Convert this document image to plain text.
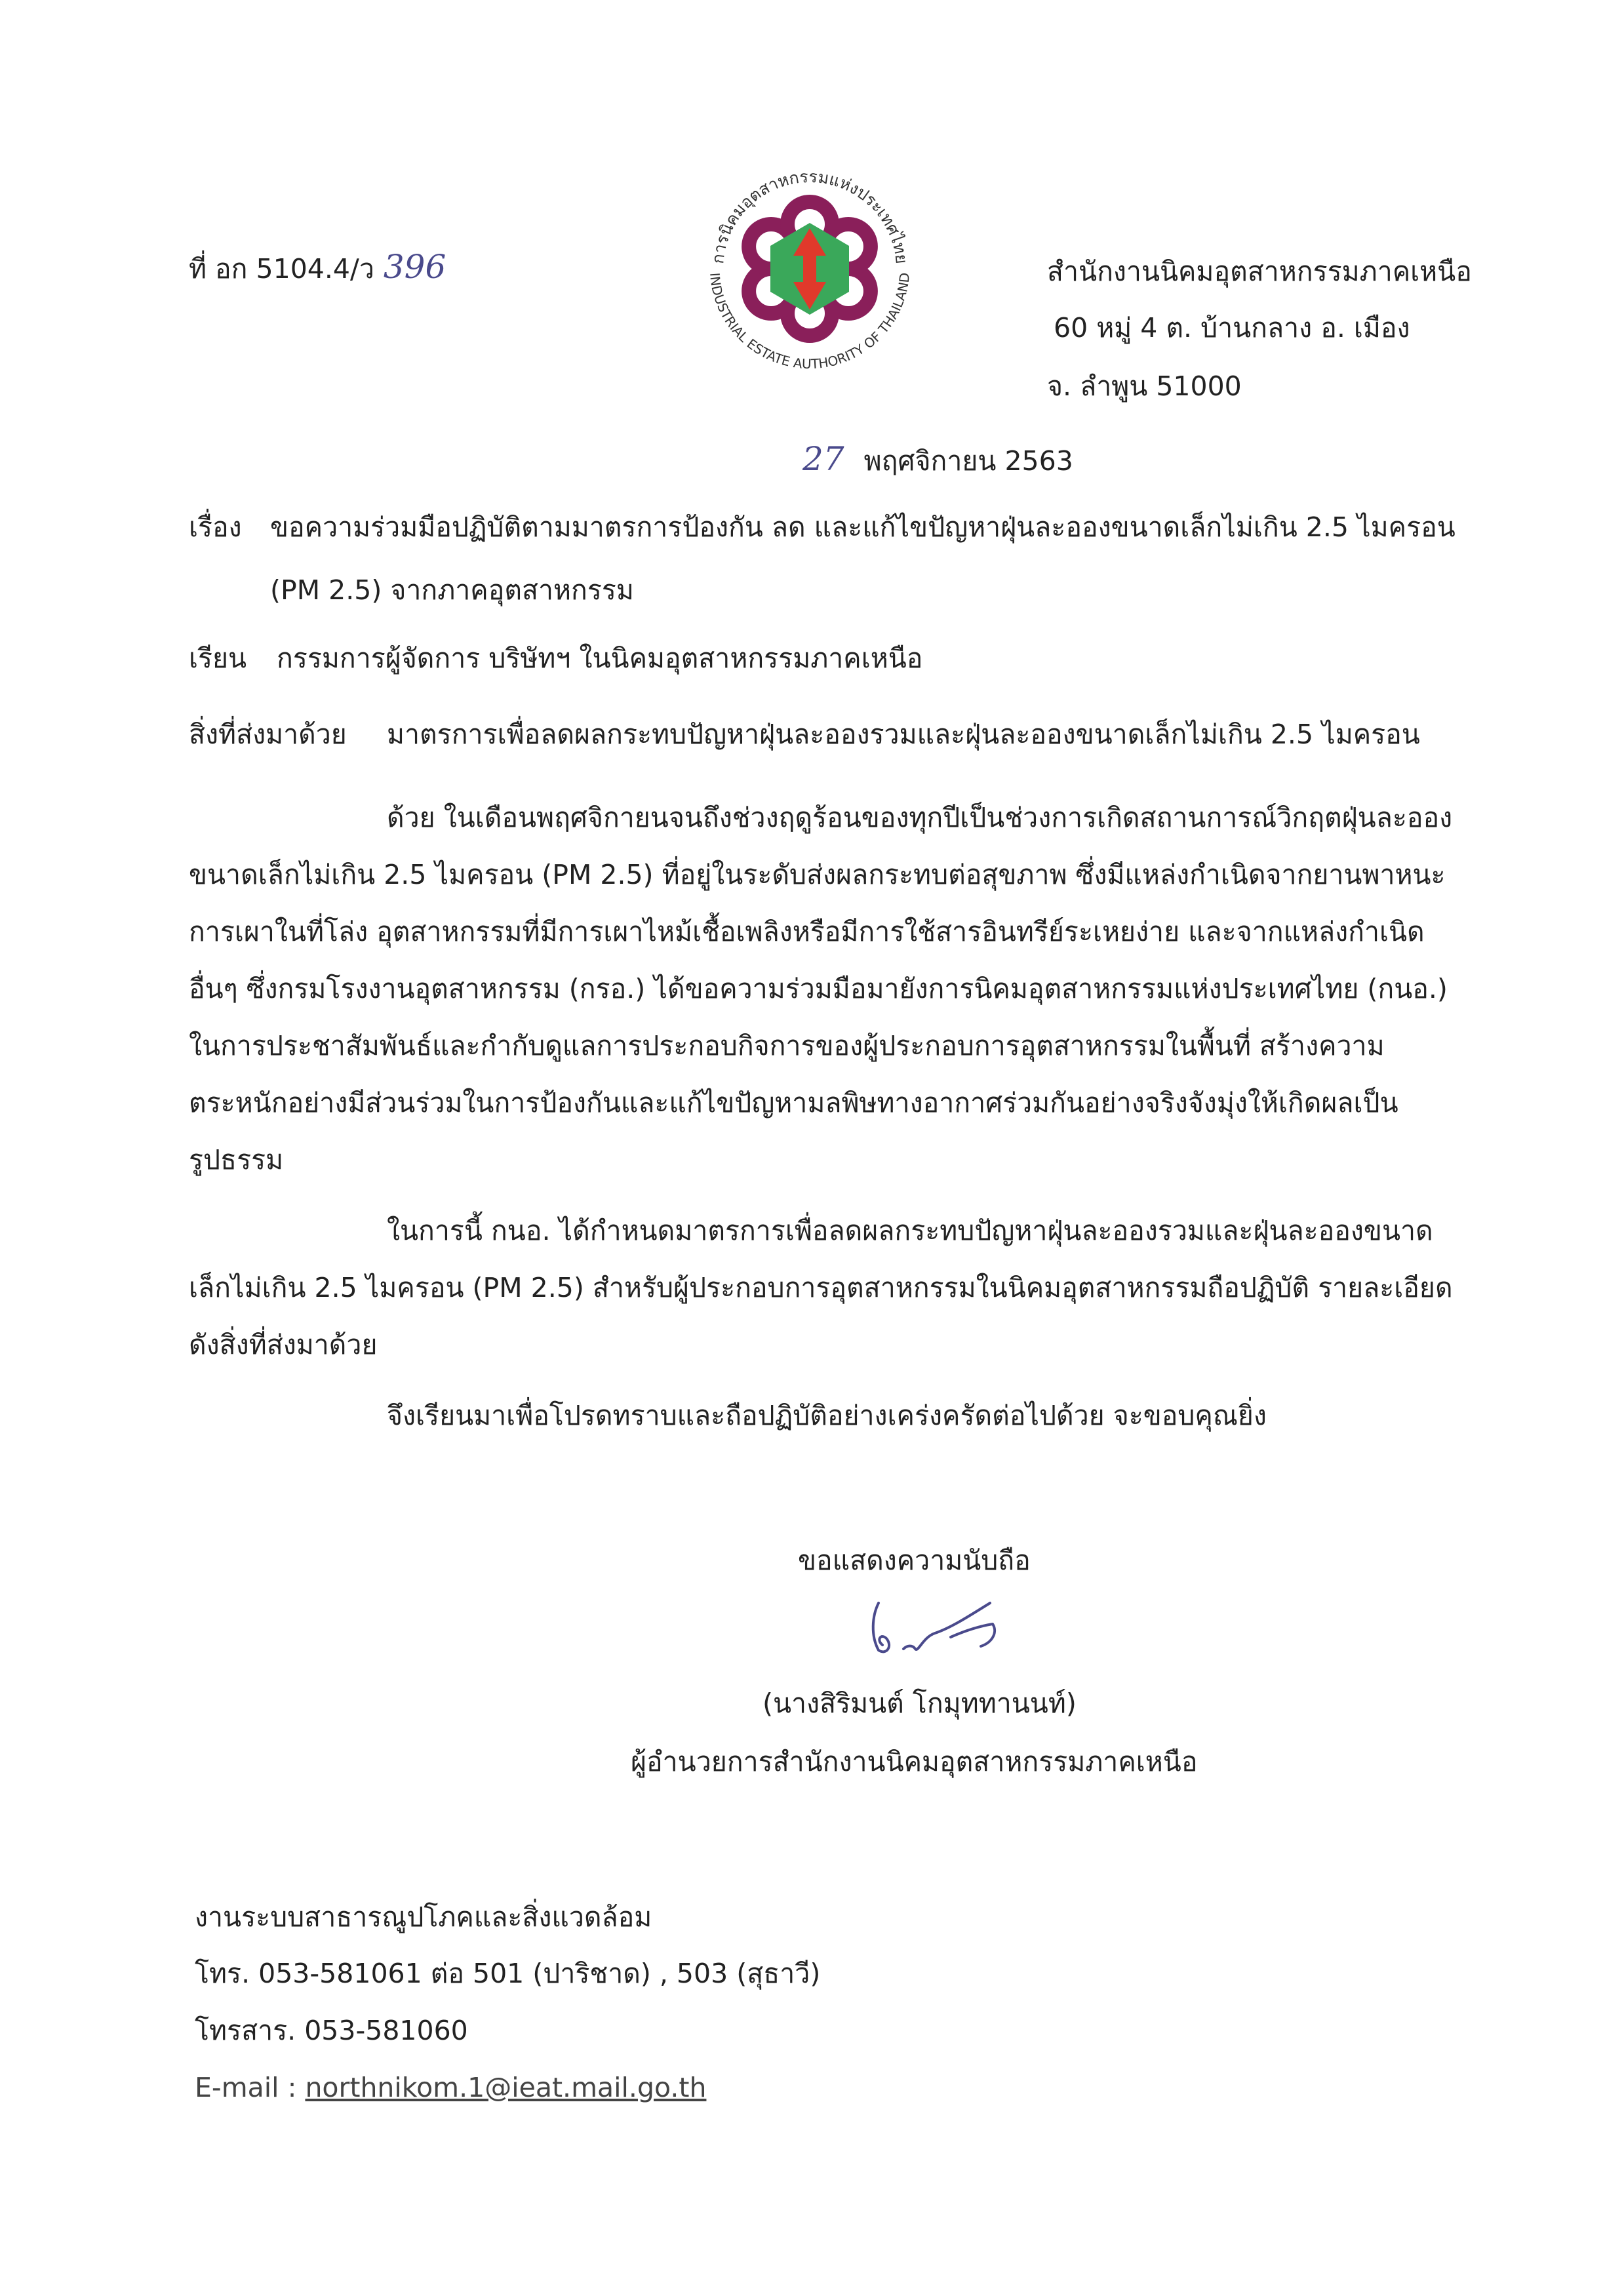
ที่ อก 5104.4/ว 396	การนิคมอุตสาหกรรมแห่งประเทศไทย
INDUSTRIAL ESTATE AUTHORITY OF THAILAND	สำนักงานนิคมอุตสาหกรรมภาคเหนือ
60 หมู่ 4 ต. บ้านกลาง อ. เมือง
จ. ลำพูน 51000
27 พฤศจิกายน 2563
เรื่อง ขอความร่วมมือปฏิบัติตามมาตรการป้องกัน ลด และแก้ไขปัญหาฝุ่นละอองขนาดเล็กไม่เกิน 2.5 ไมครอน
(PM 2.5) จากภาคอุตสาหกรรม
เรียน กรรมการผู้จัดการ บริษัทฯ ในนิคมอุตสาหกรรมภาคเหนือ
สิ่งที่ส่งมาด้วย มาตรการเพื่อลดผลกระทบปัญหาฝุ่นละอองรวมและฝุ่นละอองขนาดเล็กไม่เกิน 2.5 ไมครอน
ด้วย ในเดือนพฤศจิกายนจนถึงช่วงฤดูร้อนของทุกปีเป็นช่วงการเกิดสถานการณ์วิกฤตฝุ่นละออง
ขนาดเล็กไม่เกิน 2.5 ไมครอน (PM 2.5) ที่อยู่ในระดับส่งผลกระทบต่อสุขภาพ ซึ่งมีแหล่งกำเนิดจากยานพาหนะ
การเผาในที่โล่ง อุตสาหกรรมที่มีการเผาไหม้เชื้อเพลิงหรือมีการใช้สารอินทรีย์ระเหยง่าย และจากแหล่งกำเนิด
อื่นๆ ซึ่งกรมโรงงานอุตสาหกรรม (กรอ.) ได้ขอความร่วมมือมายังการนิคมอุตสาหกรรมแห่งประเทศไทย (กนอ.)
ในการประชาสัมพันธ์และกำกับดูแลการประกอบกิจการของผู้ประกอบการอุตสาหกรรมในพื้นที่ สร้างความ
ตระหนักอย่างมีส่วนร่วมในการป้องกันและแก้ไขปัญหามลพิษทางอากาศร่วมกันอย่างจริงจังมุ่งให้เกิดผลเป็น
รูปธรรม
ในการนี้ กนอ. ได้กำหนดมาตรการเพื่อลดผลกระทบปัญหาฝุ่นละอองรวมและฝุ่นละอองขนาด
เล็กไม่เกิน 2.5 ไมครอน (PM 2.5) สำหรับผู้ประกอบการอุตสาหกรรมในนิคมอุตสาหกรรมถือปฏิบัติ รายละเอียด
ดังสิ่งที่ส่งมาด้วย
จึงเรียนมาเพื่อโปรดทราบและถือปฏิบัติอย่างเคร่งครัดต่อไปด้วย จะขอบคุณยิ่ง
ขอแสดงความนับถือ
(นางสิริมนต์ โกมุททานนท์)
ผู้อำนวยการสำนักงานนิคมอุตสาหกรรมภาคเหนือ
งานระบบสาธารณูปโภคและสิ่งแวดล้อม
โทร. 053-581061 ต่อ 501 (ปาริชาด) , 503 (สุธาวี)
โทรสาร. 053-581060
E-mail : northnikom.1@ieat.mail.go.th
